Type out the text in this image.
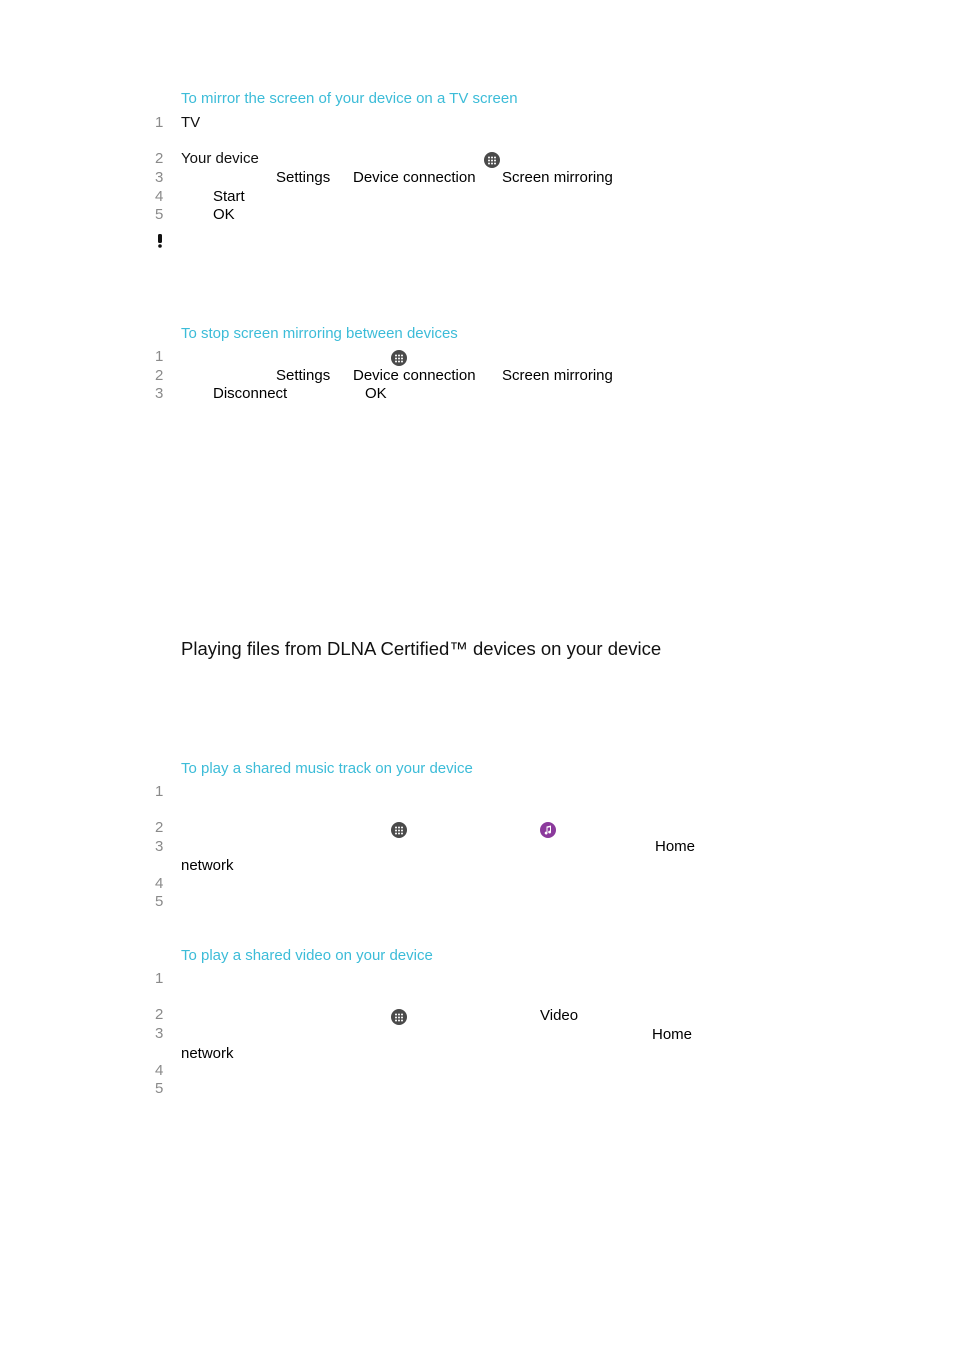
To mirror the screen of your device on a TV screen
1 TV
2 Your device
3	Settings Device connection Screen mirroring
4	Start
5	OK
To stop screen mirroring between devices
1
2	Settings Device connection Screen mirroring
3	Disconnect	OK
Playing files from DLNA Certified™ devices on your device
To play a shared music track on your device
1
2
3	Home
network
4
5
To play a shared video on your device
1
2	Video
3	Home
network
4
5
